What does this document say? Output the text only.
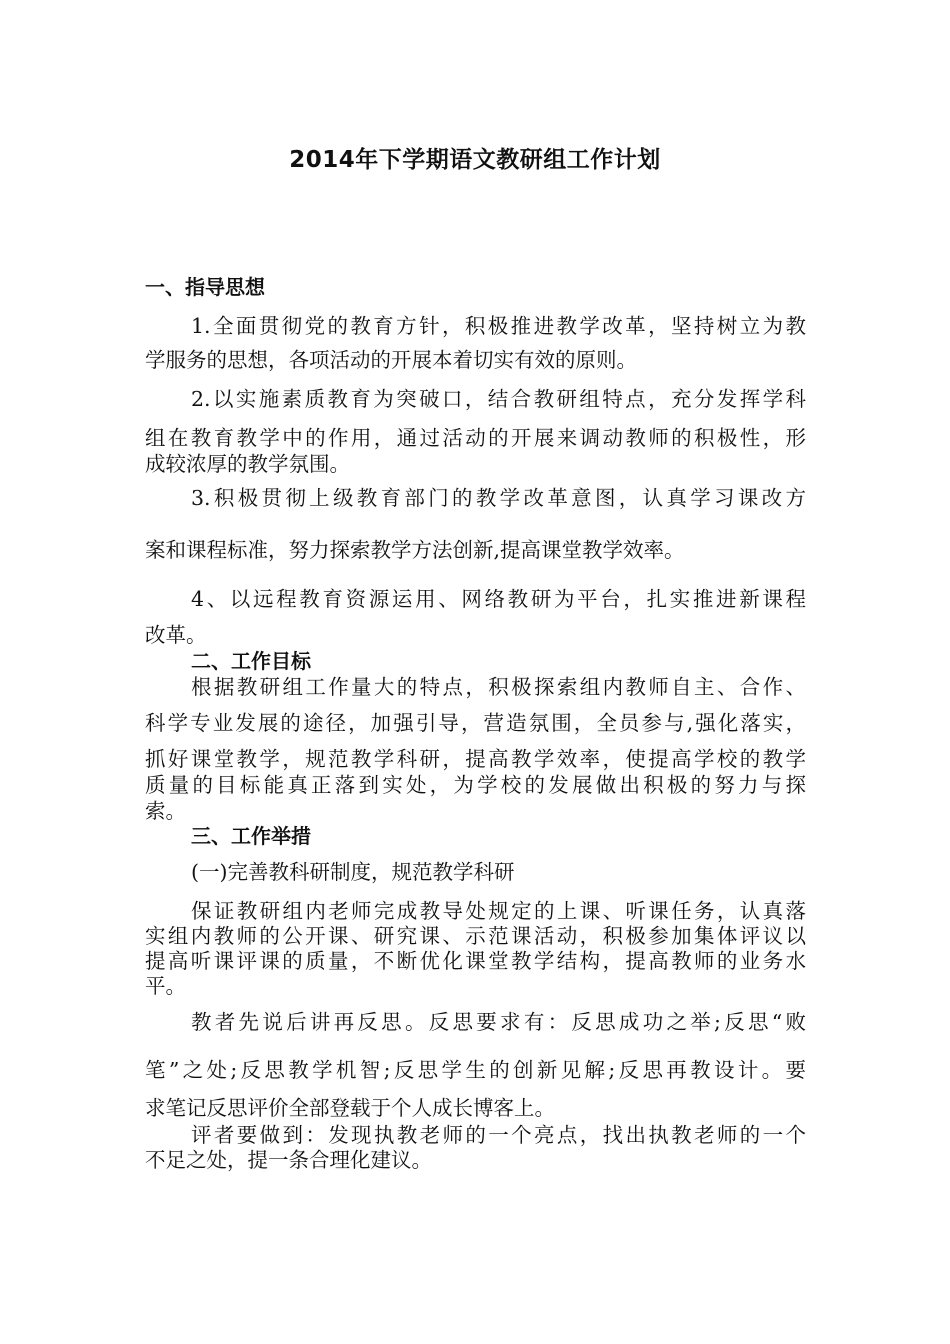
2014年下学期语文教研组工作计划
一、指导思想
1.全面贯彻党的教育方针，积极推进教学改革，坚持树立为教
学服务的思想，各项活动的开展本着切实有效的原则。
2.以实施素质教育为突破口，结合教研组特点，充分发挥学科
组在教育教学中的作用，通过活动的开展来调动教师的积极性，形
成较浓厚的教学氛围。
3.积极贯彻上级教育部门的教学改革意图，认真学习课改方
案和课程标准，努力探索教学方法创新,提高课堂教学效率。
4、以远程教育资源运用、网络教研为平台，扎实推进新课程
改革。
二、工作目标
根据教研组工作量大的特点，积极探索组内教师自主、合作、
科学专业发展的途径，加强引导，营造氛围，全员参与,强化落实，
抓好课堂教学，规范教学科研，提高教学效率，使提高学校的教学
质量的目标能真正落到实处，为学校的发展做出积极的努力与探
索。
三、工作举措
(一)完善教科研制度，规范教学科研
保证教研组内老师完成教导处规定的上课、听课任务，认真落
实组内教师的公开课、研究课、示范课活动，积极参加集体评议以
提高听课评课的质量，不断优化课堂教学结构，提高教师的业务水
平。
教者先说后讲再反思。反思要求有：反思成功之举;反思“败
笔”之处;反思教学机智;反思学生的创新见解;反思再教设计。要
求笔记反思评价全部登载于个人成长博客上。
评者要做到：发现执教老师的一个亮点，找出执教老师的一个
不足之处，提一条合理化建议。
